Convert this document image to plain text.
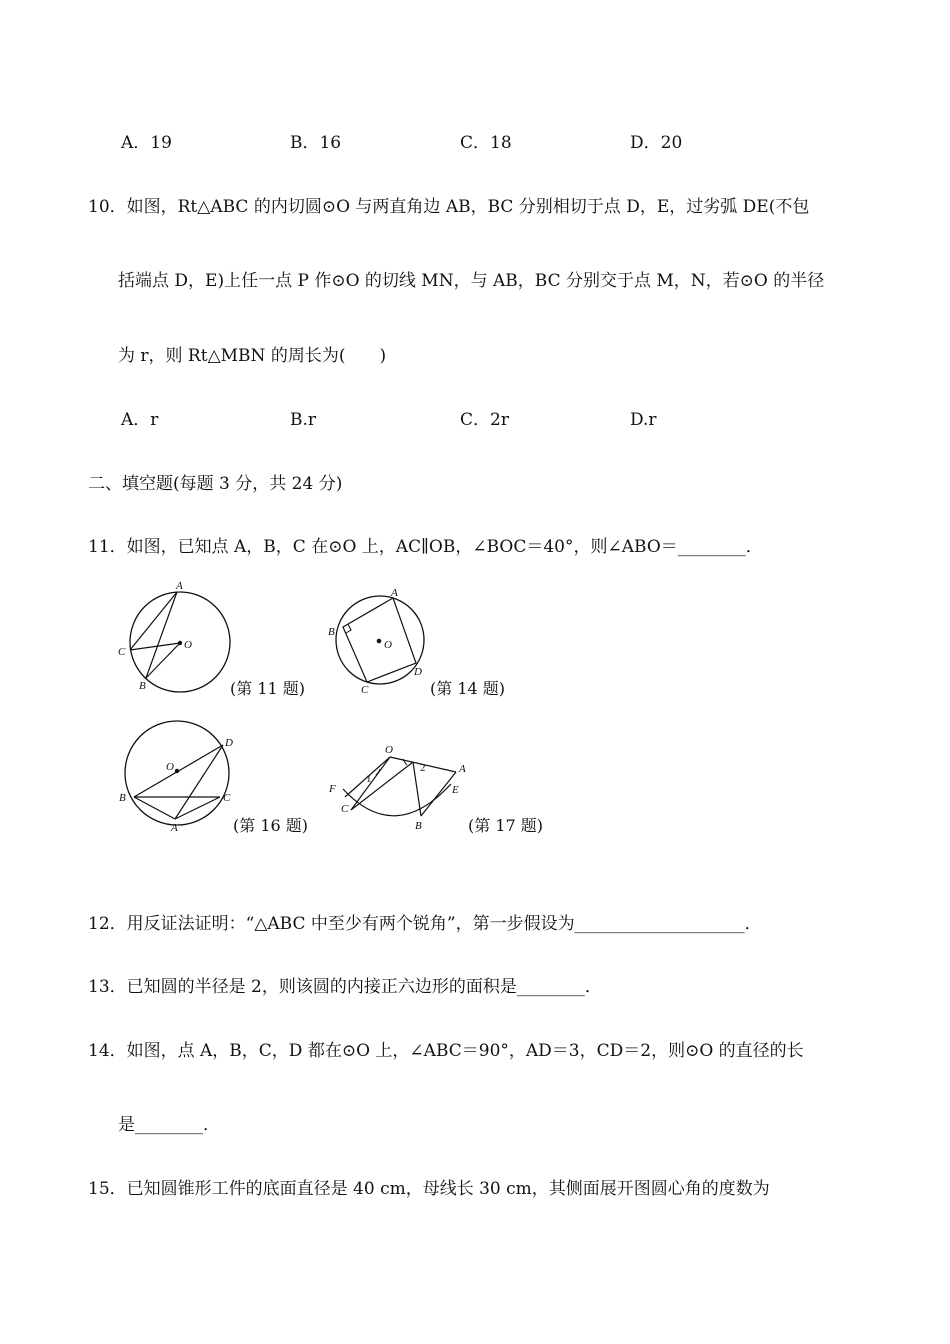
A．19	B．16	C．18	D．20
10．如图，Rt△ABC 的内切圆⊙O 与两直角边 AB，BC 分别相切于点 D，E，过劣弧 DE(不包
括端点 D，E)上任一点 P 作⊙O 的切线 MN，与 AB，BC 分别交于点 M，N，若⊙O 的半径
为 r，则 Rt△MBN 的周长为(　　)
A．r	B.r	C．2r	D.r
二、填空题(每题 3 分，共 24 分)
11．如图，已知点 A，B，C 在⊙O 上，AC∥OB，∠BOC＝40°，则∠ABO＝________．
A
C
B
O
(第 11 题)
A
B
C
D
O
(第 14 题)
O
D
B	C
A	(第 16 题)
O
A
E
F
C
B
1
2
(第 17 题)
12．用反证法证明：“△ABC 中至少有两个锐角”，第一步假设为____________________．
13．已知圆的半径是 2，则该圆的内接正六边形的面积是________．
14．如图，点 A，B，C，D 都在⊙O 上，∠ABC＝90°，AD＝3，CD＝2，则⊙O 的直径的长
是________．
15．已知圆锥形工件的底面直径是 40 cm，母线长 30 cm，其侧面展开图圆心角的度数为
